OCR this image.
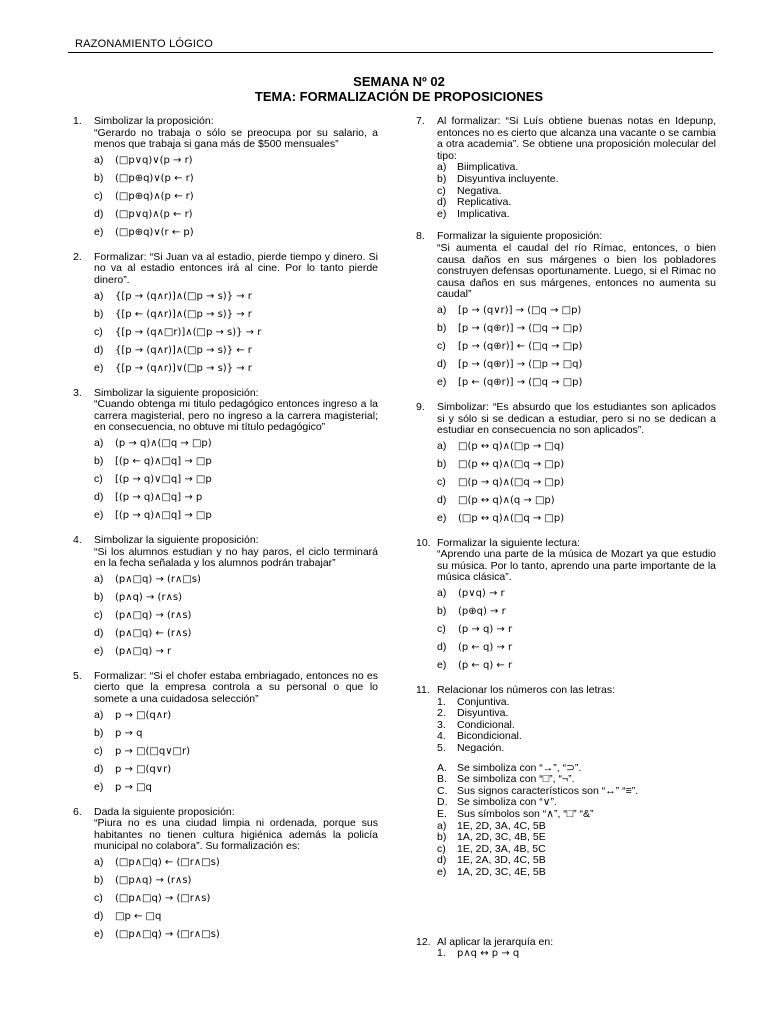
RAZONAMIENTO LÓGICO
SEMANA Nº 02
TEMA: FORMALIZACIÓN DE PROPOSICIONES
1. Simbolizar la proposición:

“Gerardo no trabaja o sólo se preocupa por su salario, a menos que trabaja si gana más de $500 mensuales”

a) (□p∨q)∨(p → r)
b) (□p⊕q)∨(p ← r)
c) (□p⊕q)∧(p ← r)
d) (□p∨q)∧(p ← r)
e) (□p⊕q)∨(r ← p)
2. Formalizar: “Si Juan va al estadio, pierde tiempo y dinero. Si no va al estadio entonces irá al cine. Por lo tanto pierde dinero”.

a) {[p → (q∧r)]∧(□p → s)} → r
b) {[p ← (q∧r)]∧(□p → s)} → r
c) {[p → (q∧□r)]∧(□p → s)} → r
d) {[p → (q∧r)]∧(□p → s)} ← r
e) {[p → (q∧r)]∨(□p → s)} → r
3. Simbolizar la siguiente proposición:

“Cuando obtenga mi titulo pedagógico entonces ingreso a la carrera magisterial, pero no ingreso a la carrera magisterial; en consecuencia, no obtuve mi título pedagógico”

a) (p → q)∧(□q → □p)
b) [(p ← q)∧□q] → □p
c) [(p → q)∨□q] → □p
d) [(p → q)∧□q] → p
e) [(p → q)∧□q] → □p
4. Simbolizar la siguiente proposición:

“Si los alumnos estudian y no hay paros, el ciclo terminará en la fecha señalada y los alumnos podrán trabajar”

a) (p∧□q) → (r∧□s)
b) (p∧q) → (r∧s)
c) (p∧□q) → (r∧s)
d) (p∧□q) ← (r∧s)
e) (p∧□q) → r
5. Formalizar: “Si el chofer estaba embriagado, entonces no es cierto que la empresa controla a su personal o que lo somete a una cuidadosa selección”

a) p → □(q∧r)
b) p → q
c) p → □(□q∨□r)
d) p → □(q∨r)
e) p → □q
6. Dada la siguiente proposición:

“Piura no es una ciudad limpia ni ordenada, porque sus habitantes no tienen cultura higiénica además la policía municipal no colabora”. Su formalización es:

a) (□p∧□q) ← (□r∧□s)
b) (□p∧q) → (r∧s)
c) (□p∧□q) → (□r∧s)
d) □p ← □q
e) (□p∧□q) → (□r∧□s)
7. Al formalizar: “Si Luís obtiene buenas notas en Idepunp, entonces no es cierto que alcanza una vacante o se cambia a otra academia”. Se obtiene una proposición molecular del tipo:

a) Biimplicativa.
b) Disyuntiva incluyente.
c) Negativa.
d) Replicativa.
e) Implicativa.
8. Formalizar la siguiente proposición:

“Si aumenta el caudal del río Rímac, entonces, o bien causa daños en sus márgenes o bien los pobladores construyen defensas oportunamente. Luego, si el Rimac no causa daños en sus márgenes, entonces no aumenta su caudal”

a) [p → (q∨r)] → (□q → □p)
b) [p → (q⊕r)] → (□q → □p)
c) [p → (q⊕r)] ← (□q → □p)
d) [p → (q⊕r)] → (□p → □q)
e) [p ← (q⊕r)] → (□q → □p)
9. Simbolizar: “Es absurdo que los estudiantes son aplicados si y sólo si se dedican a estudiar, pero si no se dedican a estudiar en consecuencia no son aplicados”.

a) □(p ↔ q)∧(□p → □q)
b) □(p ↔ q)∧(□q → □p)
c) □(p → q)∧(□q → □p)
d) □(p ↔ q)∧(q → □p)
e) (□p ↔ q)∧(□q → □p)
10. Formalizar la siguiente lectura:

“Aprendo una parte de la música de Mozart ya que estudio su música. Por lo tanto, aprendo una parte importante de la música clásica”.

a) (p∨q) → r
b) (p⊕q) → r
c) (p → q) → r
d) (p ← q) → r
e) (p ← q) ← r
11. Relacionar los números con las letras:

1. Conjuntiva.
2. Disyuntiva.
3. Condicional.
4. Bicondicional.
5. Negación.
A. Se simboliza con “→”, “⊃”.
B. Se simboliza con “□”, “¬”.
C. Sus signos característicos son “↔” “≡”.
D. Se simboliza con “∨”.
E. Sus símbolos son “∧”, “□” “&”
a) 1E, 2D, 3A, 4C, 5B
b) 1A, 2D, 3C, 4B, 5E
c) 1E, 2D, 3A, 4B, 5C
d) 1E, 2A, 3D, 4C, 5B
e) 1A, 2D, 3C, 4E, 5B
12. Al aplicar la jerarquía en:

1. p∧q ↔ p → q
